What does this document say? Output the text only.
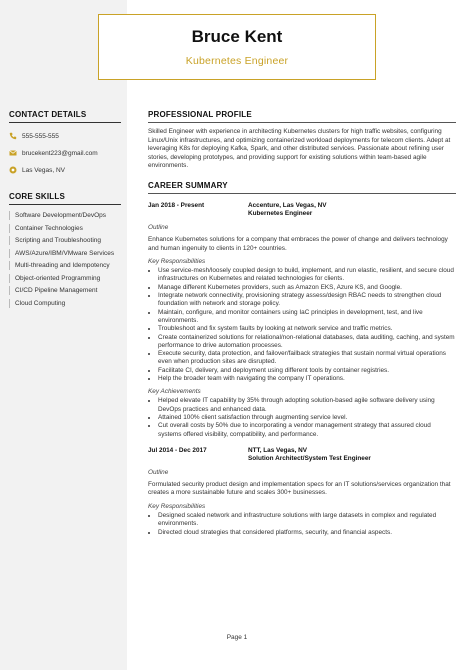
Bruce Kent
Kubernetes Engineer
CONTACT DETAILS
555-555-555
brucekent223@gmail.com
Las Vegas, NV
CORE SKILLS
Software Development/DevOps
Container Technologies
Scripting and Troubleshooting
AWS/Azure/IBM/VMware Services
Multi-threading and Idempotency
Object-oriented Programming
CI/CD Pipeline Management
Cloud Computing
PROFESSIONAL PROFILE
Skilled Engineer with experience in architecting Kubernetes clusters for high traffic websites, configuring Linux/Unix infrastructures, and optimizing containerized workload deployments for telecom clients. Adept at leveraging K8s for deploying Kafka, Spark, and other distributed services. Passionate about refining user stories, developing prototypes, and providing support for existing solutions within team-based agile environments.
CAREER SUMMARY
Jan 2018 - Present	Accenture, Las Vegas, NV
Kubernetes Engineer
Outline
Enhance Kubernetes solutions for a company that embraces the power of change and delivers technology and human ingenuity to clients in 120+ countries.
Key Responsibilities
• Use service-mesh/loosely coupled design to build, implement, and run elastic, resilient, and secure cloud infrastructures on Kubernetes and related technologies for clients.
• Manage different Kubernetes providers, such as Amazon EKS, Azure KS, and Google.
• Integrate network connectivity, provisioning strategy assess/design RBAC needs to strengthen cloud foundation with network and storage policy.
• Maintain, configure, and monitor containers using IaC principles in development, test, and live environments.
• Troubleshoot and fix system faults by looking at network service and traffic metrics.
• Create containerized solutions for relational/non-relational databases, data auditing, caching, and system performance to drive automation processes.
• Execute security, data protection, and failover/failback strategies that sustain normal virtual operations even when production sites are disrupted.
• Facilitate CI, delivery, and deployment using different tools by container registries.
• Help the broader team with navigating the company IT operations.
Key Achievements
• Helped elevate IT capability by 35% through adopting solution-based agile software delivery using DevOps practices and enhanced data.
• Attained 100% client satisfaction through augmenting service level.
• Cut overall costs by 50% due to incorporating a vendor management strategy that assured cloud systems offered visibility, compatibility, and performance.
Jul 2014 - Dec 2017	NTT, Las Vegas, NV
Solution Architect/System Test Engineer
Outline
Formulated security product design and implementation specs for an IT solutions/services organization that creates a more sustainable future and scales 300+ businesses.
Key Responsibilities
• Designed scaled network and infrastructure solutions with large datasets in complex and regulated environments.
• Directed cloud strategies that considered platforms, security, and financial aspects.
Page 1
